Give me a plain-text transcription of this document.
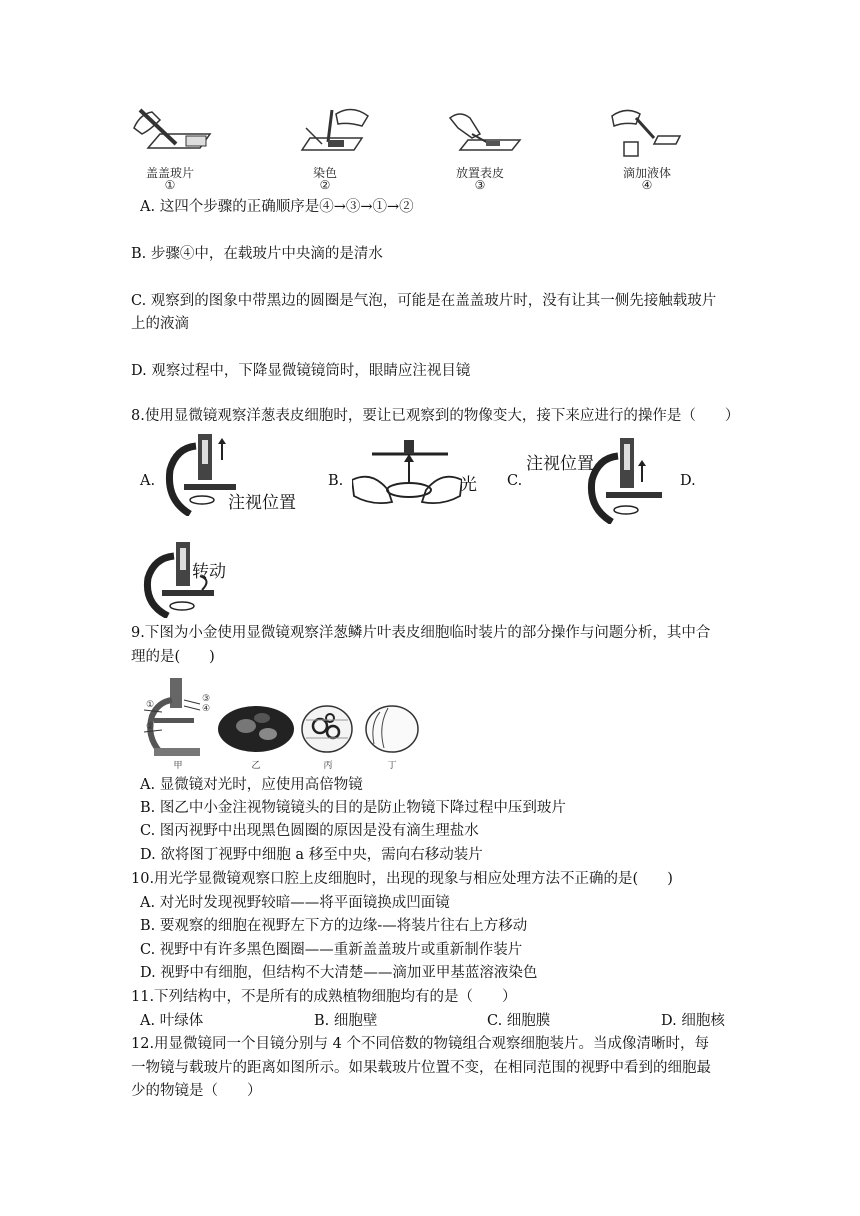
盖盖玻片
①
染色
②
放置表皮
③
滴加液体
④
A. 这四个步骤的正确顺序是④→③→①→②
B. 步骤④中，在载玻片中央滴的是清水
C. 观察到的图象中带黑边的圆圈是气泡，可能是在盖盖玻片时，没有让其一侧先接触载玻片
上的液滴
D. 观察过程中，下降显微镜镜筒时，眼睛应注视目镜
8.使用显微镜观察洋葱表皮细胞时，要让已观察到的物像变大，接下来应进行的操作是（　　）
A.
注视位置
B.	光 C.
注视位置
D.
转动
9.下图为小金使用显微镜观察洋葱鳞片叶表皮细胞临时装片的部分操作与问题分析，其中合
理的是(　　)
①
②
③
④
甲	乙	丙	丁
A. 显微镜对光时，应使用高倍物镜
B. 图乙中小金注视物镜镜头的目的是防止物镜下降过程中压到玻片
C. 图丙视野中出现黑色圆圈的原因是没有滴生理盐水
D. 欲将图丁视野中细胞 a 移至中央，需向右移动装片
10.用光学显微镜观察口腔上皮细胞时，出现的现象与相应处理方法不正确的是(　　)
A. 对光时发现视野较暗——将平面镜换成凹面镜
B. 要观察的细胞在视野左下方的边缘-—将装片往右上方移动
C. 视野中有许多黑色圈圈——重新盖盖玻片或重新制作装片
D. 视野中有细胞，但结构不大清楚——滴加亚甲基蓝溶液染色
11.下列结构中，不是所有的成熟植物细胞均有的是（　　）
A. 叶绿体	B. 细胞壁	C. 细胞膜	D. 细胞核
12.用显微镜同一个目镜分别与 4 个不同倍数的物镜组合观察细胞装片。当成像清晰时，每
一物镜与载玻片的距离如图所示。如果载玻片位置不变，在相同范围的视野中看到的细胞最
少的物镜是（　　）
